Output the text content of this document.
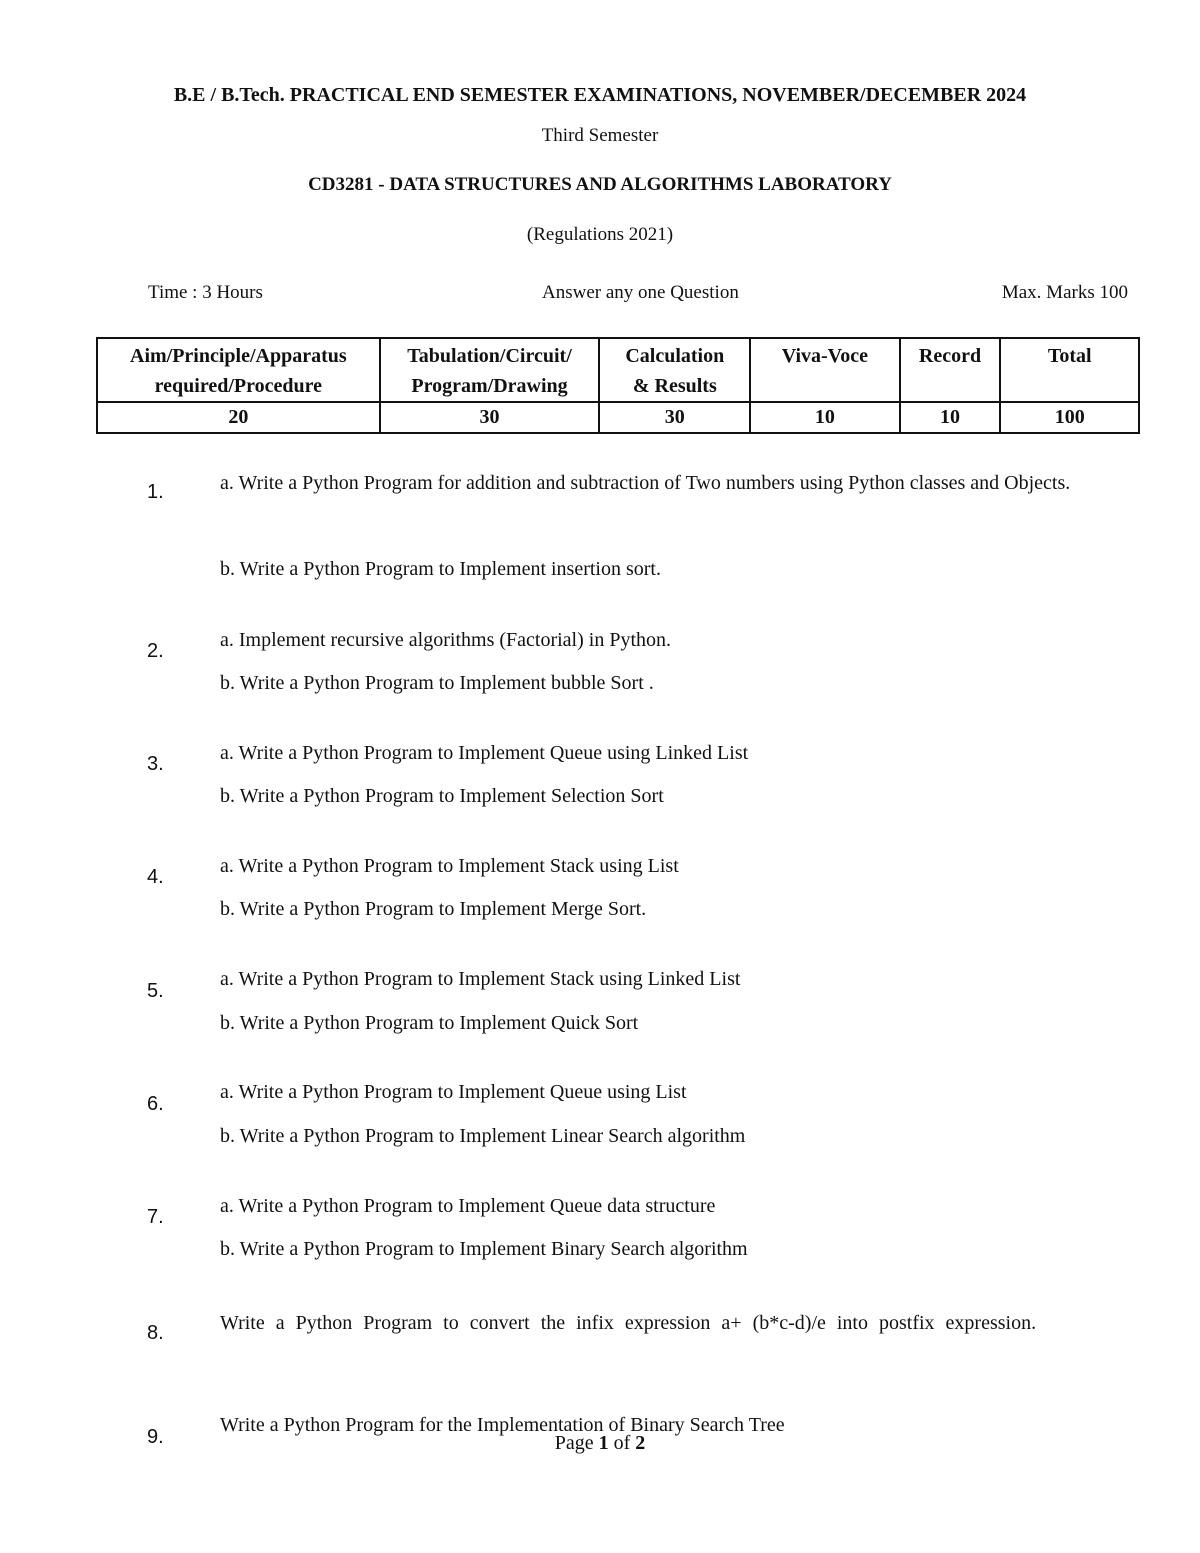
B.E / B.Tech. PRACTICAL END SEMESTER EXAMINATIONS, NOVEMBER/DECEMBER 2024
Third Semester
CD3281 - DATA STRUCTURES AND ALGORITHMS LABORATORY
(Regulations 2021)
Time : 3 Hours	Answer any one Question	Max. Marks 100
Aim/Principle/Apparatus
required/Procedure	Tabulation/Circuit/
Program/Drawing	Calculation
& Results	Viva-Voce	Record	Total
20	30	30	10	10	100
1.	a. Write a Python Program for addition and subtraction of Two numbers using Python classes and Objects.
b. Write a Python Program to Implement insertion sort.
2.	a. Implement recursive algorithms (Factorial) in Python.
b. Write a Python Program to Implement bubble Sort .
3.	a. Write a Python Program to Implement Queue using Linked List
b. Write a Python Program to Implement Selection Sort
4.	a. Write a Python Program to Implement Stack using List
b. Write a Python Program to Implement Merge Sort.
5.
a. Write a Python Program to Implement Stack using Linked List
b. Write a Python Program to Implement Quick Sort
6.
a. Write a Python Program to Implement Queue using List
b. Write a Python Program to Implement Linear Search algorithm
7.	a. Write a Python Program to Implement Queue data structure
b. Write a Python Program to Implement Binary Search algorithm
8.	Write a Python Program to convert the infix expression a+ (b*c-d)/e into postfix expression.
9.
Write a Python Program for the Implementation of Binary Search Tree
Page 1 of 2
